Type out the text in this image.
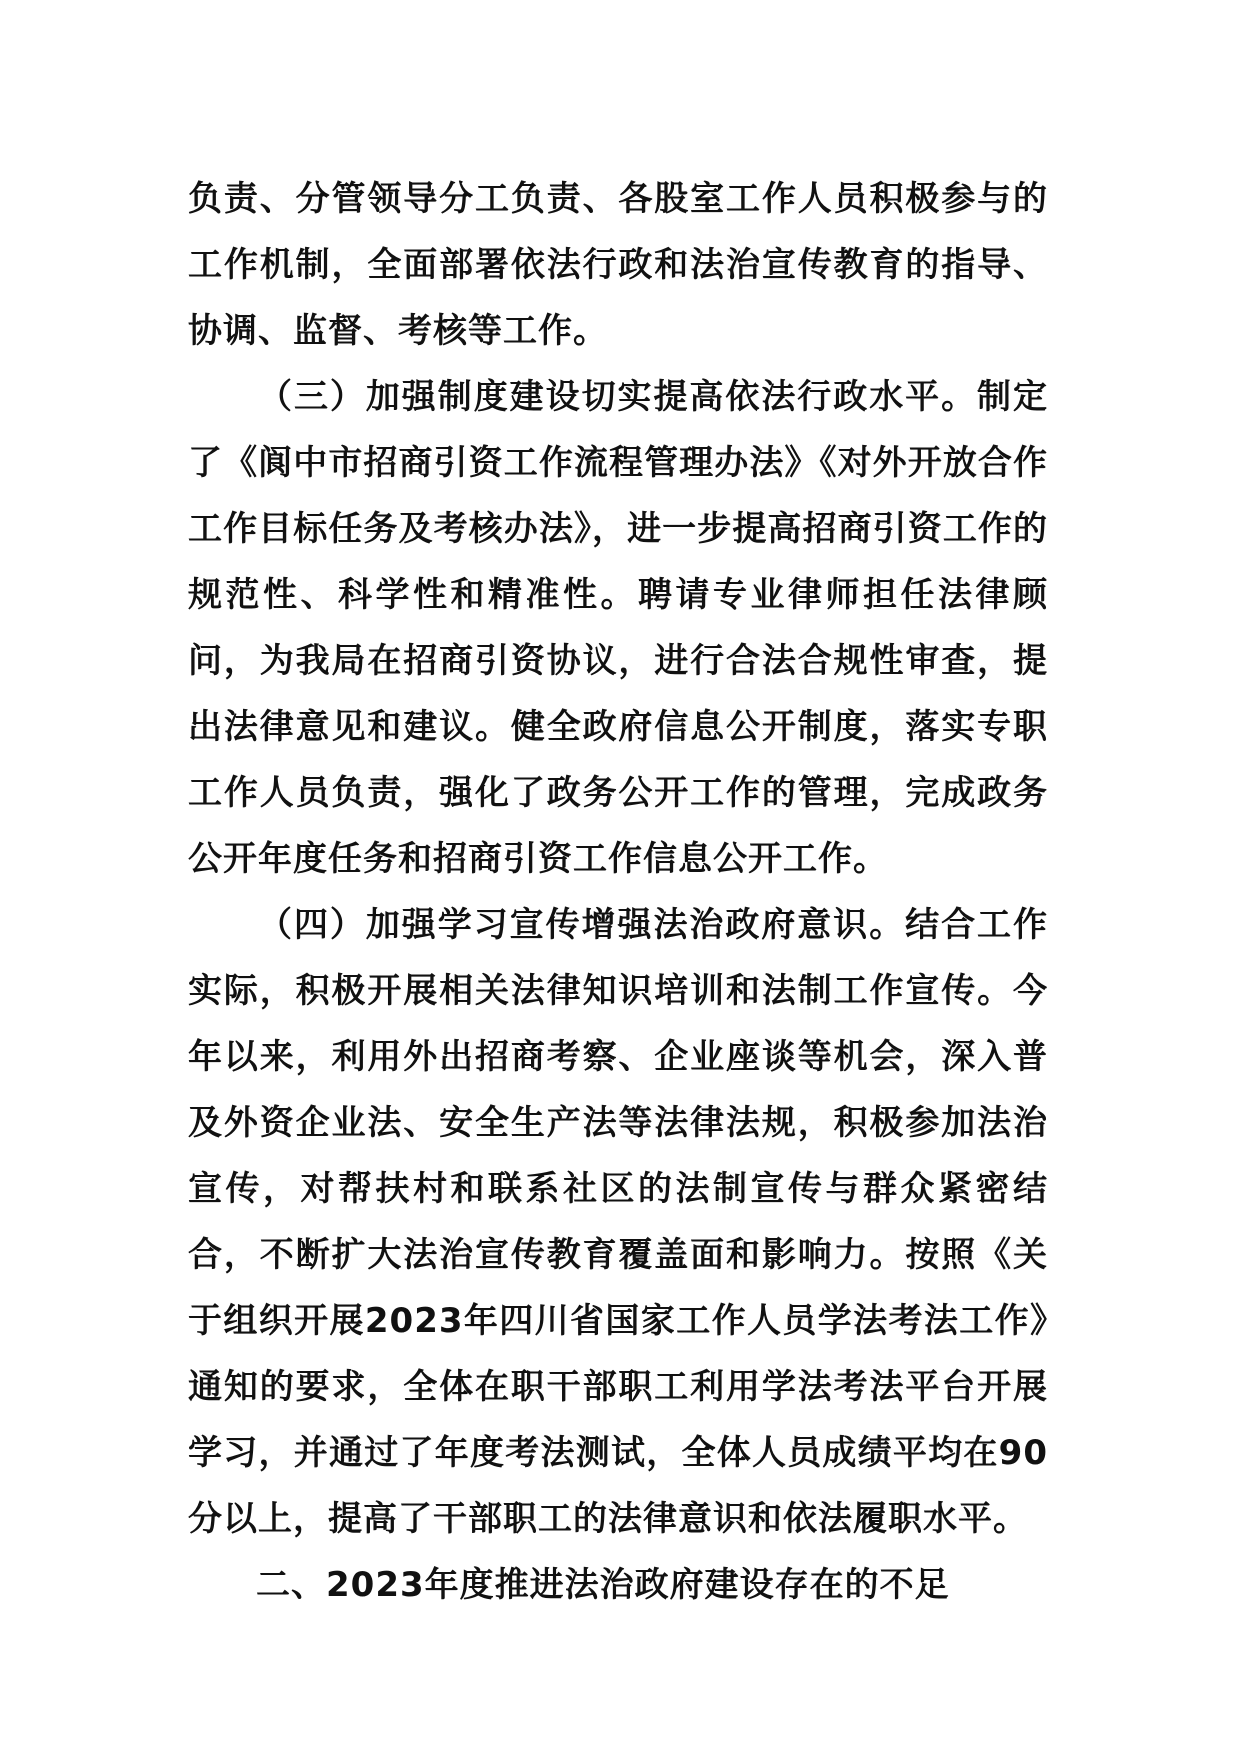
负责、分管领导分工负责、各股室工作人员积极参与的工作机制，全面部署依法行政和法治宣传教育的指导、协调、监督、考核等工作。

（三）加强制度建设切实提高依法行政水平。制定了《阆中市招商引资工作流程管理办法》《对外开放合作工作目标任务及考核办法》，进一步提高招商引资工作的规范性、科学性和精准性。聘请专业律师担任法律顾问，为我局在招商引资协议，进行合法合规性审查，提出法律意见和建议。健全政府信息公开制度，落实专职工作人员负责，强化了政务公开工作的管理，完成政务公开年度任务和招商引资工作信息公开工作。

（四）加强学习宣传增强法治政府意识。结合工作实际，积极开展相关法律知识培训和法制工作宣传。今年以来，利用外出招商考察、企业座谈等机会，深入普及外资企业法、安全生产法等法律法规，积极参加法治宣传，对帮扶村和联系社区的法制宣传与群众紧密结合，不断扩大法治宣传教育覆盖面和影响力。按照《关于组织开展2023年四川省国家工作人员学法考法工作》通知的要求，全体在职干部职工利用学法考法平台开展学习，并通过了年度考法测试，全体人员成绩平均在90分以上，提高了干部职工的法律意识和依法履职水平。

二、2023年度推进法治政府建设存在的不足
